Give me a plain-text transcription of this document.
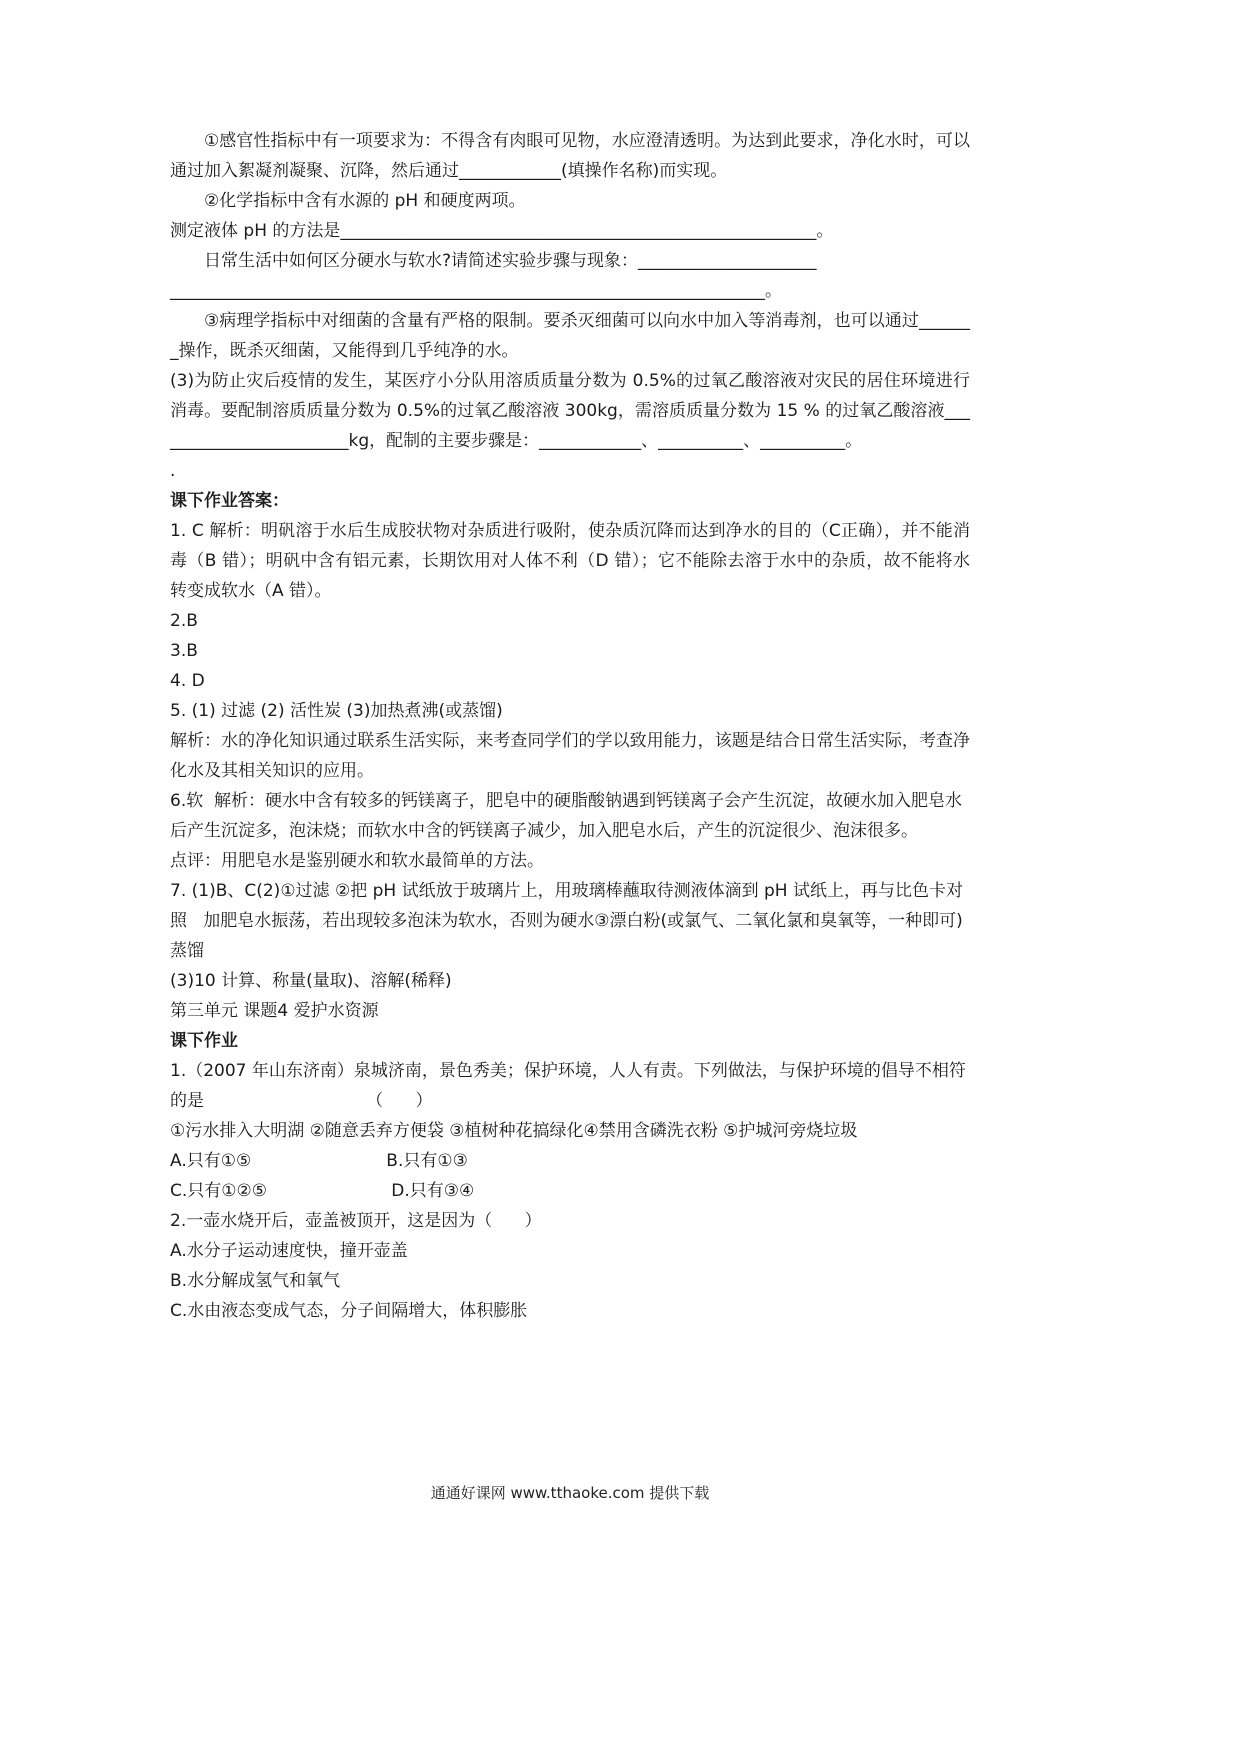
①感官性指标中有一项要求为：不得含有肉眼可见物，水应澄清透明。为达到此要求，净化水时，可以通过加入絮凝剂凝聚、沉降，然后通过____________(填操作名称)而实现。

②化学指标中含有水源的 pH 和硬度两项。

测定液体 pH 的方法是________________________________________________________。

日常生活中如何区分硬水与软水?请简述实验步骤与现象：_____________________

______________________________________________________________________。

③病理学指标中对细菌的含量有严格的限制。要杀灭细菌可以向水中加入等消毒剂，也可以通过_______操作，既杀灭细菌，又能得到几乎纯净的水。

(3)为防止灾后疫情的发生，某医疗小分队用溶质质量分数为 0.5%的过氧乙酸溶液对灾民的居住环境进行消毒。要配制溶质质量分数为 0.5%的过氧乙酸溶液 300kg，需溶质质量分数为 15 % 的过氧乙酸溶液________________________kg，配制的主要步骤是：____________、__________、__________。

.

课下作业答案：

1. C 解析：明矾溶于水后生成胶状物对杂质进行吸附，使杂质沉降而达到净水的目的（C正确），并不能消毒（B 错）；明矾中含有铝元素，长期饮用对人体不利（D 错）；它不能除去溶于水中的杂质，故不能将水转变成软水（A 错）。

2.B

3.B

4. D

5. (1) 过滤 (2) 活性炭 (3)加热煮沸(或蒸馏)

解析：水的净化知识通过联系生活实际，来考查同学们的学以致用能力，该题是结合日常生活实际，考查净化水及其相关知识的应用。

6.软  解析：硬水中含有较多的钙镁离子，肥皂中的硬脂酸钠遇到钙镁离子会产生沉淀，故硬水加入肥皂水后产生沉淀多，泡沫烧；而软水中含的钙镁离子减少，加入肥皂水后，产生的沉淀很少、泡沫很多。

点评：用肥皂水是鉴别硬水和软水最简单的方法。

7. (1)B、C(2)①过滤 ②把 pH 试纸放于玻璃片上，用玻璃棒蘸取待测液体滴到 pH 试纸上，再与比色卡对照   加肥皂水振荡，若出现较多泡沫为软水，否则为硬水③漂白粉(或氯气、二氧化氯和臭氧等，一种即可)   蒸馏

(3)10 计算、称量(量取)、溶解(稀释)

第三单元 课题4 爱护水资源

课下作业

1.（2007 年山东济南）泉城济南，景色秀美；保护环境，人人有责。下列做法，与保护环境的倡导不相符的是                              （      ）

①污水排入大明湖 ②随意丢弃方便袋 ③植树种花搞绿化④禁用含磷洗衣粉 ⑤护城河旁烧垃圾

A.只有①⑤                         B.只有①③

C.只有①②⑤                       D.只有③④

2.一壶水烧开后，壶盖被顶开，这是因为（      ）

A.水分子运动速度快，撞开壶盖

B.水分解成氢气和氧气

C.水由液态变成气态，分子间隔增大，体积膨胀

通通好课网 www.tthaoke.com 提供下载
